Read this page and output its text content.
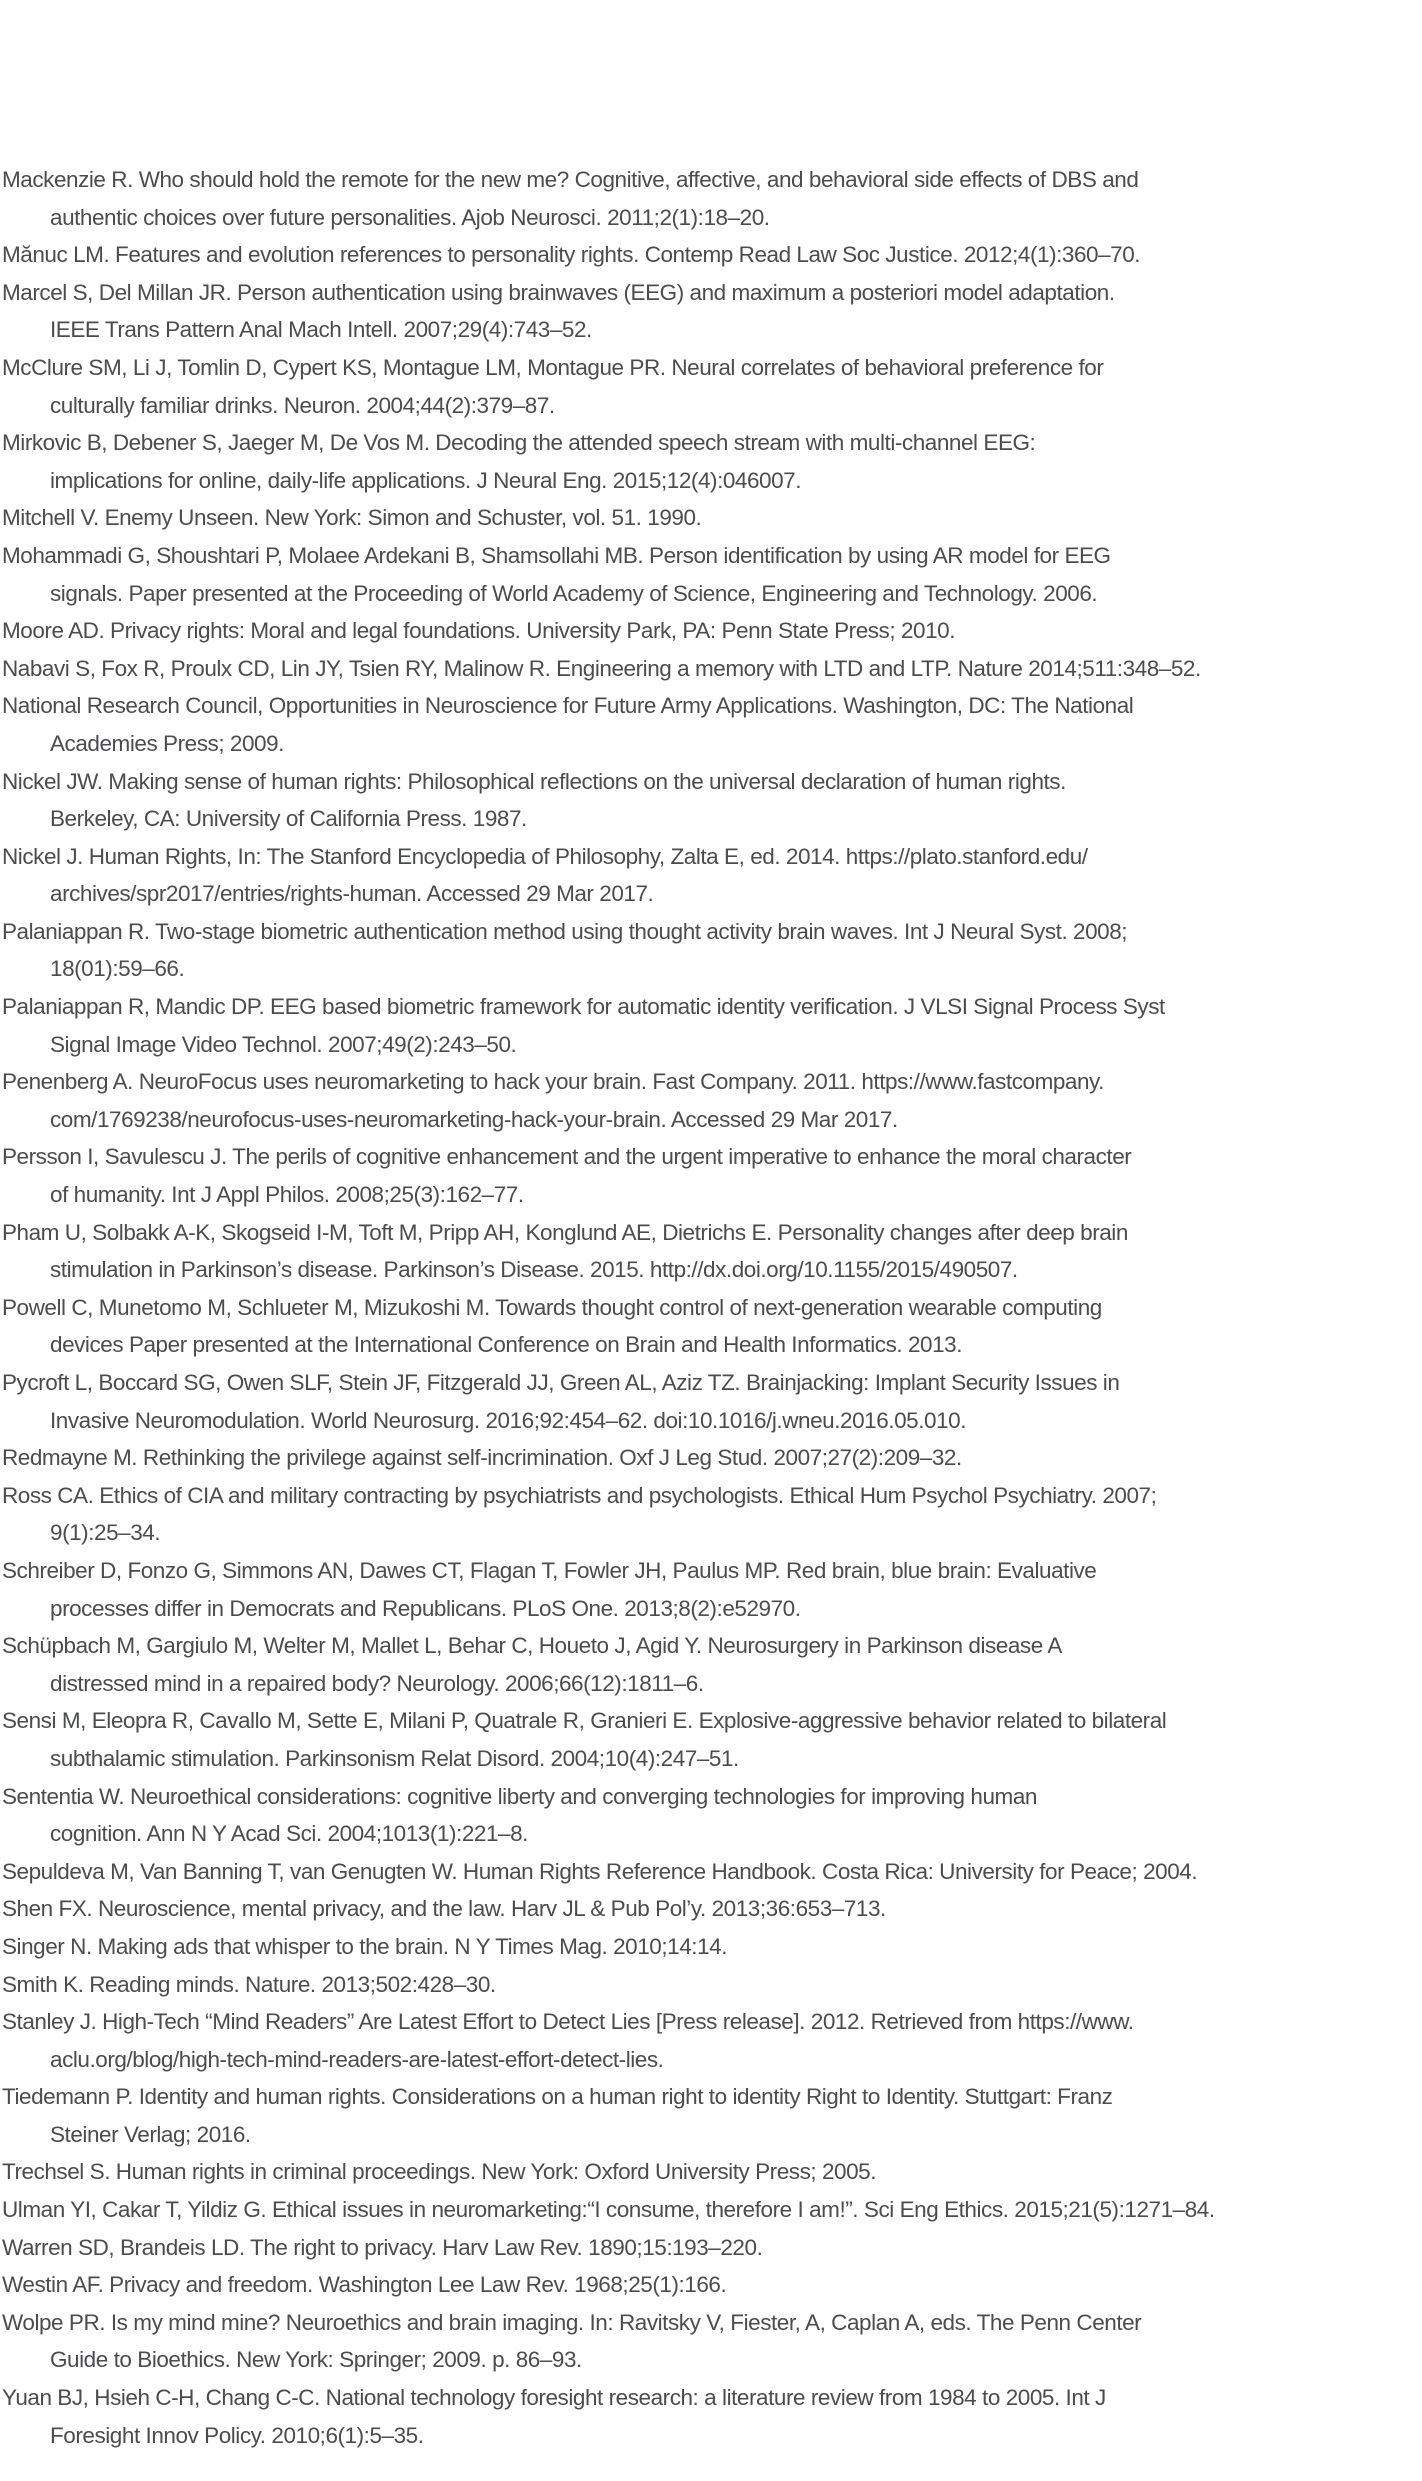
Mackenzie R. Who should hold the remote for the new me? Cognitive, affective, and behavioral side effects of DBS and
authentic choices over future personalities. Ajob Neurosci. 2011;2(1):18–20.

Mănuc LM. Features and evolution references to personality rights. Contemp Read Law Soc Justice. 2012;4(1):360–70.

Marcel S, Del Millan JR. Person authentication using brainwaves (EEG) and maximum a posteriori model adaptation.
IEEE Trans Pattern Anal Mach Intell. 2007;29(4):743–52.

McClure SM, Li J, Tomlin D, Cypert KS, Montague LM, Montague PR. Neural correlates of behavioral preference for
culturally familiar drinks. Neuron. 2004;44(2):379–87.

Mirkovic B, Debener S, Jaeger M, De Vos M. Decoding the attended speech stream with multi-channel EEG:
implications for online, daily-life applications. J Neural Eng. 2015;12(4):046007.

Mitchell V. Enemy Unseen. New York: Simon and Schuster, vol. 51. 1990.

Mohammadi G, Shoushtari P, Molaee Ardekani B, Shamsollahi MB. Person identification by using AR model for EEG
signals. Paper presented at the Proceeding of World Academy of Science, Engineering and Technology. 2006.

Moore AD. Privacy rights: Moral and legal foundations. University Park, PA: Penn State Press; 2010.

Nabavi S, Fox R, Proulx CD, Lin JY, Tsien RY, Malinow R. Engineering a memory with LTD and LTP. Nature 2014;511:348–52.

National Research Council, Opportunities in Neuroscience for Future Army Applications. Washington, DC: The National
Academies Press; 2009.

Nickel JW. Making sense of human rights: Philosophical reflections on the universal declaration of human rights.
Berkeley, CA: University of California Press. 1987.

Nickel J. Human Rights, In: The Stanford Encyclopedia of Philosophy, Zalta E, ed. 2014. https://plato.stanford.edu/
archives/spr2017/entries/rights-human. Accessed 29 Mar 2017.

Palaniappan R. Two-stage biometric authentication method using thought activity brain waves. Int J Neural Syst. 2008;
18(01):59–66.

Palaniappan R, Mandic DP. EEG based biometric framework for automatic identity verification. J VLSI Signal Process Syst
Signal Image Video Technol. 2007;49(2):243–50.

Penenberg A. NeuroFocus uses neuromarketing to hack your brain. Fast Company. 2011. https://www.fastcompany.
com/1769238/neurofocus-uses-neuromarketing-hack-your-brain. Accessed 29 Mar 2017.

Persson I, Savulescu J. The perils of cognitive enhancement and the urgent imperative to enhance the moral character
of humanity. Int J Appl Philos. 2008;25(3):162–77.

Pham U, Solbakk A-K, Skogseid I-M, Toft M, Pripp AH, Konglund AE, Dietrichs E. Personality changes after deep brain
stimulation in Parkinson’s disease. Parkinson’s Disease. 2015. http://dx.doi.org/10.1155/2015/490507.

Powell C, Munetomo M, Schlueter M, Mizukoshi M. Towards thought control of next-generation wearable computing
devices Paper presented at the International Conference on Brain and Health Informatics. 2013.

Pycroft L, Boccard SG, Owen SLF, Stein JF, Fitzgerald JJ, Green AL, Aziz TZ. Brainjacking: Implant Security Issues in
Invasive Neuromodulation. World Neurosurg. 2016;92:454–62. doi:10.1016/j.wneu.2016.05.010.

Redmayne M. Rethinking the privilege against self-incrimination. Oxf J Leg Stud. 2007;27(2):209–32.

Ross CA. Ethics of CIA and military contracting by psychiatrists and psychologists. Ethical Hum Psychol Psychiatry. 2007;
9(1):25–34.

Schreiber D, Fonzo G, Simmons AN, Dawes CT, Flagan T, Fowler JH, Paulus MP. Red brain, blue brain: Evaluative
processes differ in Democrats and Republicans. PLoS One. 2013;8(2):e52970.

Schüpbach M, Gargiulo M, Welter M, Mallet L, Behar C, Houeto J, Agid Y. Neurosurgery in Parkinson disease A
distressed mind in a repaired body? Neurology. 2006;66(12):1811–6.

Sensi M, Eleopra R, Cavallo M, Sette E, Milani P, Quatrale R, Granieri E. Explosive-aggressive behavior related to bilateral
subthalamic stimulation. Parkinsonism Relat Disord. 2004;10(4):247–51.

Sententia W. Neuroethical considerations: cognitive liberty and converging technologies for improving human
cognition. Ann N Y Acad Sci. 2004;1013(1):221–8.

Sepuldeva M, Van Banning T, van Genugten W. Human Rights Reference Handbook. Costa Rica: University for Peace; 2004.

Shen FX. Neuroscience, mental privacy, and the law. Harv JL & Pub Pol’y. 2013;36:653–713.

Singer N. Making ads that whisper to the brain. N Y Times Mag. 2010;14:14.

Smith K. Reading minds. Nature. 2013;502:428–30.

Stanley J. High-Tech “Mind Readers” Are Latest Effort to Detect Lies [Press release]. 2012. Retrieved from https://www.
aclu.org/blog/high-tech-mind-readers-are-latest-effort-detect-lies.

Tiedemann P. Identity and human rights. Considerations on a human right to identity Right to Identity. Stuttgart: Franz
Steiner Verlag; 2016.

Trechsel S. Human rights in criminal proceedings. New York: Oxford University Press; 2005.

Ulman YI, Cakar T, Yildiz G. Ethical issues in neuromarketing:“I consume, therefore I am!”. Sci Eng Ethics. 2015;21(5):1271–84.

Warren SD, Brandeis LD. The right to privacy. Harv Law Rev. 1890;15:193–220.

Westin AF. Privacy and freedom. Washington Lee Law Rev. 1968;25(1):166.

Wolpe PR. Is my mind mine? Neuroethics and brain imaging. In: Ravitsky V, Fiester, A, Caplan A, eds. The Penn Center
Guide to Bioethics. New York: Springer; 2009. p. 86–93.

Yuan BJ, Hsieh C-H, Chang C-C. National technology foresight research: a literature review from 1984 to 2005. Int J
Foresight Innov Policy. 2010;6(1):5–35.
